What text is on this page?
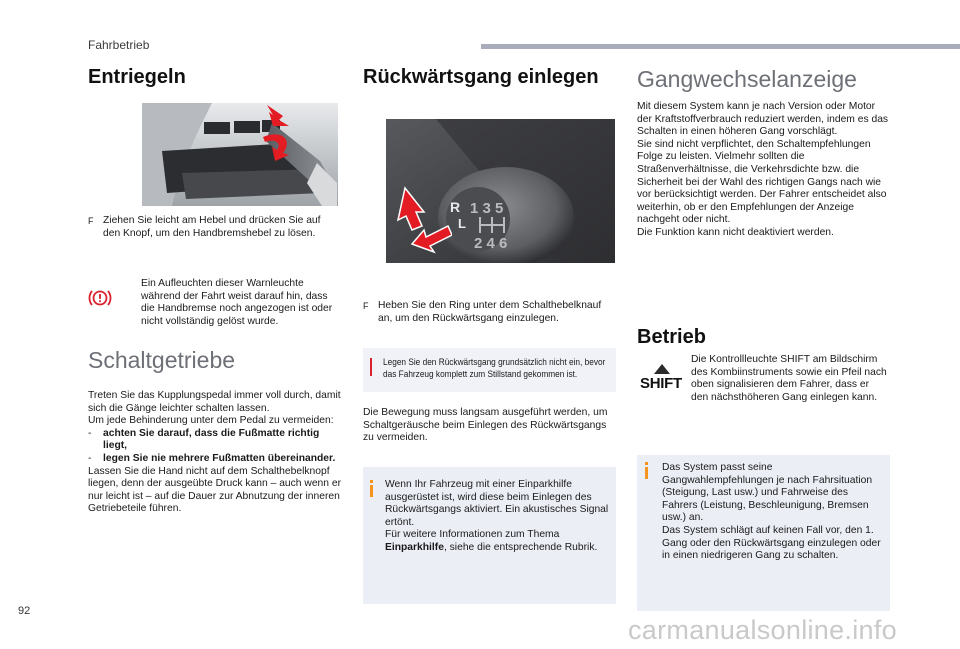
Fahrbetrieb
Entriegeln
F Ziehen Sie leicht am Hebel und drücken Sie auf den Knopf, um den Handbremshebel zu lösen.

Ein Aufleuchten dieser Warnleuchte während der Fahrt weist darauf hin, dass die Handbremse noch angezogen ist oder nicht vollständig gelöst wurde.

Schaltgetriebe

Treten Sie das Kupplungspedal immer voll durch, damit sich die Gänge leichter schalten lassen.

Um jede Behinderung unter dem Pedal zu vermeiden:

- achten Sie darauf, dass die Fußmatte richtig liegt,
- legen Sie nie mehrere Fußmatten übereinander.

Lassen Sie die Hand nicht auf dem Schalthebelknopf liegen, denn der ausgeübte Druck kann – auch wenn er nur leicht ist – auf die Dauer zur Abnutzung der inneren Getriebeteile führen.

Rückwärtsgang einlegen
1 3 5
2 4 6
R
L
F Heben Sie den Ring unter dem Schalthebelknauf an, um den Rückwärtsgang einzulegen.

Legen Sie den Rückwärtsgang grundsätzlich nicht ein, bevor das Fahrzeug komplett zum Stillstand gekommen ist.

Die Bewegung muss langsam ausgeführt werden, um Schaltgeräusche beim Einlegen des Rückwärtsgangs zu vermeiden.

Wenn Ihr Fahrzeug mit einer Einparkhilfe ausgerüstet ist, wird diese beim Einlegen des Rückwärtsgangs aktiviert. Ein akustisches Signal ertönt.

Für weitere Informationen zum Thema Einparkhilfe, siehe die entsprechende Rubrik.

Gangwechselanzeige

Mit diesem System kann je nach Version oder Motor der Kraftstoffverbrauch reduziert werden, indem es das Schalten in einen höheren Gang vorschlägt.

Sie sind nicht verpflichtet, den Schaltempfehlungen Folge zu leisten. Vielmehr sollten die Straßenverhältnisse, die Verkehrsdichte bzw. die Sicherheit bei der Wahl des richtigen Gangs nach wie vor berücksichtigt werden. Der Fahrer entscheidet also weiterhin, ob er den Empfehlungen der Anzeige nachgeht oder nicht.

Die Funktion kann nicht deaktiviert werden.

Betrieb
SHIFT

Die Kontrollleuchte SHIFT am Bildschirm des Kombiinstruments sowie ein Pfeil nach oben signalisieren dem Fahrer, dass er den nächsthöheren Gang einlegen kann.

Das System passt seine Gangwahlempfehlungen je nach Fahrsituation (Steigung, Last usw.) und Fahrweise des Fahrers (Leistung, Beschleunigung, Bremsen usw.) an.

Das System schlägt auf keinen Fall vor, den 1. Gang oder den Rückwärtsgang einzulegen oder in einen niedrigeren Gang zu schalten.

92
carmanualsonline.info
